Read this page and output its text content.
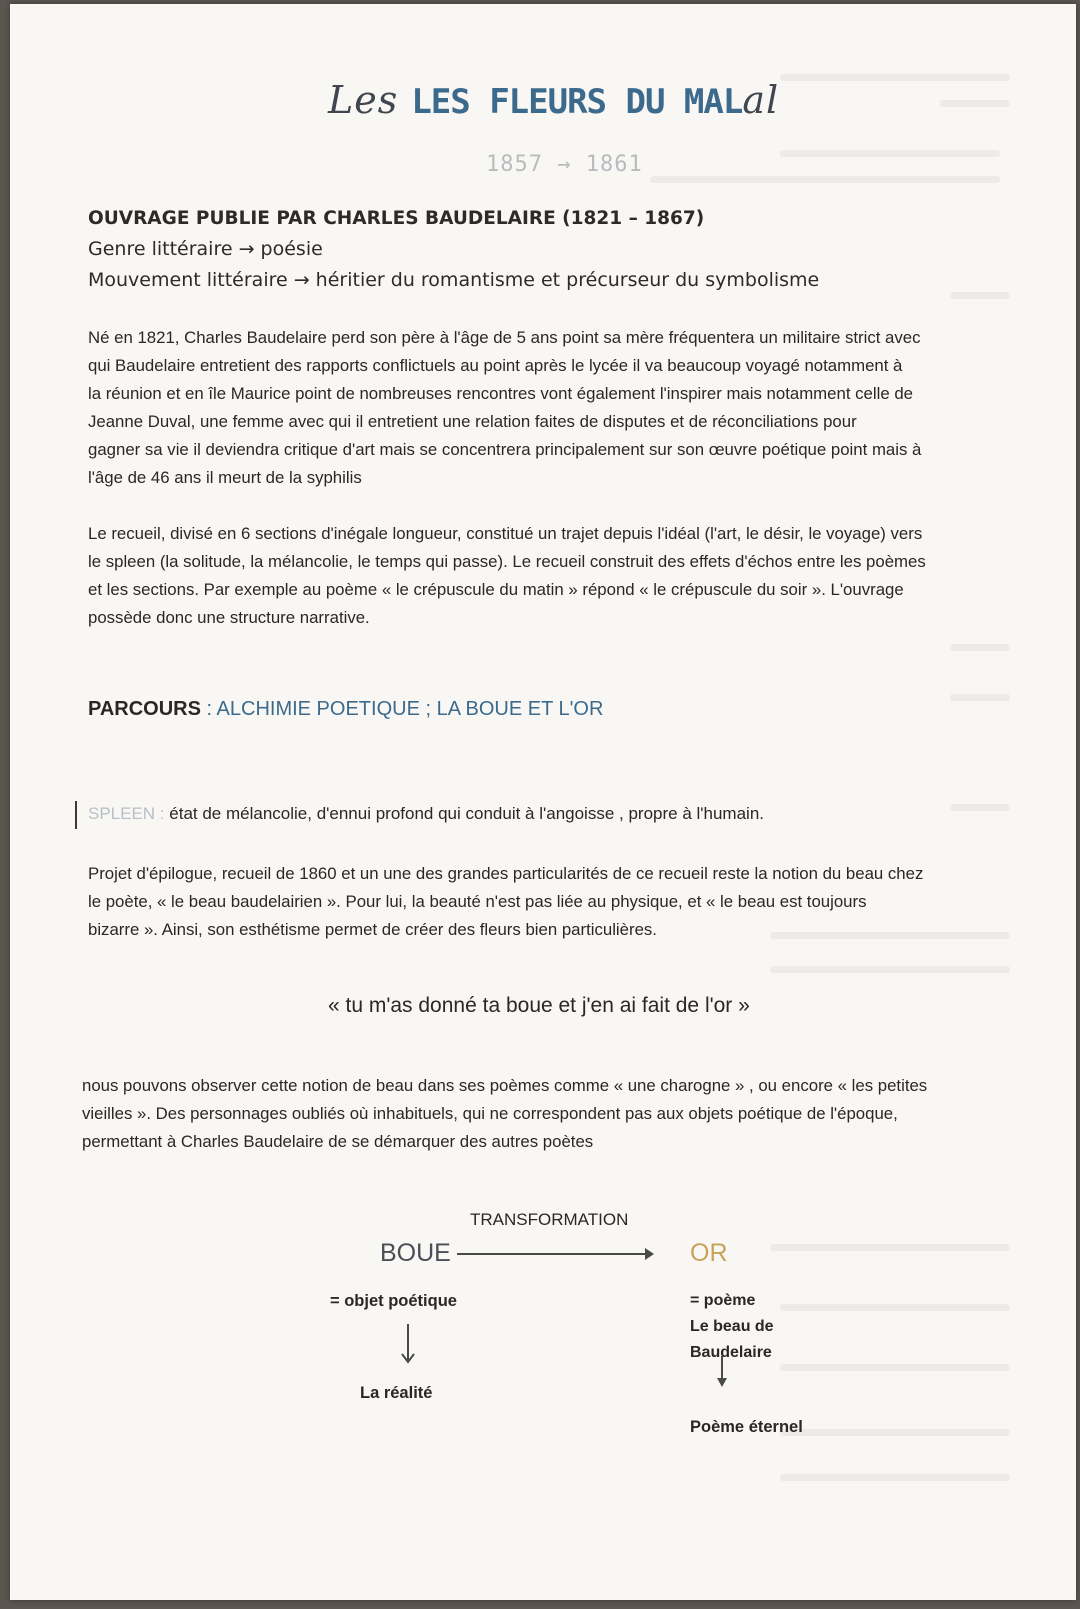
Les LES FLEURS DU MALal
1857 → 1861
OUVRAGE PUBLIE PAR CHARLES BAUDELAIRE (1821 – 1867)
Genre littéraire → poésie
Mouvement littéraire → héritier du romantisme et précurseur du symbolisme
Né en 1821, Charles Baudelaire perd son père à l'âge de 5 ans point sa mère fréquentera un militaire strict avec
qui Baudelaire entretient des rapports conflictuels au point après le lycée il va beaucoup voyagé notamment à
la réunion et en île Maurice point de nombreuses rencontres vont également l'inspirer mais notamment celle de
Jeanne Duval, une femme avec qui il entretient une relation faites de disputes et de réconciliations pour
gagner sa vie il deviendra critique d'art mais se concentrera principalement sur son œuvre poétique point mais à
l'âge de 46 ans il meurt de la syphilis
Le recueil, divisé en 6 sections d'inégale longueur, constitué un trajet depuis l'idéal (l'art, le désir, le voyage) vers
le spleen (la solitude, la mélancolie, le temps qui passe). Le recueil construit des effets d'échos entre les poèmes
et les sections. Par exemple au poème « le crépuscule du matin » répond « le crépuscule du soir ». L'ouvrage
possède donc une structure narrative.
PARCOURS : ALCHIMIE POETIQUE ; LA BOUE ET L'OR
SPLEEN : état de mélancolie, d'ennui profond qui conduit à l'angoisse , propre à l'humain.
Projet d'épilogue, recueil de 1860 et un une des grandes particularités de ce recueil reste la notion du beau chez
le poète, « le beau baudelairien ». Pour lui, la beauté n'est pas liée au physique, et « le beau est toujours
bizarre ». Ainsi, son esthétisme permet de créer des fleurs bien particulières.
« tu m'as donné ta boue et j'en ai fait de l'or »
nous pouvons observer cette notion de beau dans ses poèmes comme « une charogne » , ou encore « les petites
vieilles ». Des personnages oubliés où inhabituels, qui ne correspondent pas aux objets poétique de l'époque,
permettant à Charles Baudelaire de se démarquer des autres poètes
TRANSFORMATION
BOUE	OR
= objet poétique
La réalité
= poème
Le beau de
Baudelaire
Poème éternel
